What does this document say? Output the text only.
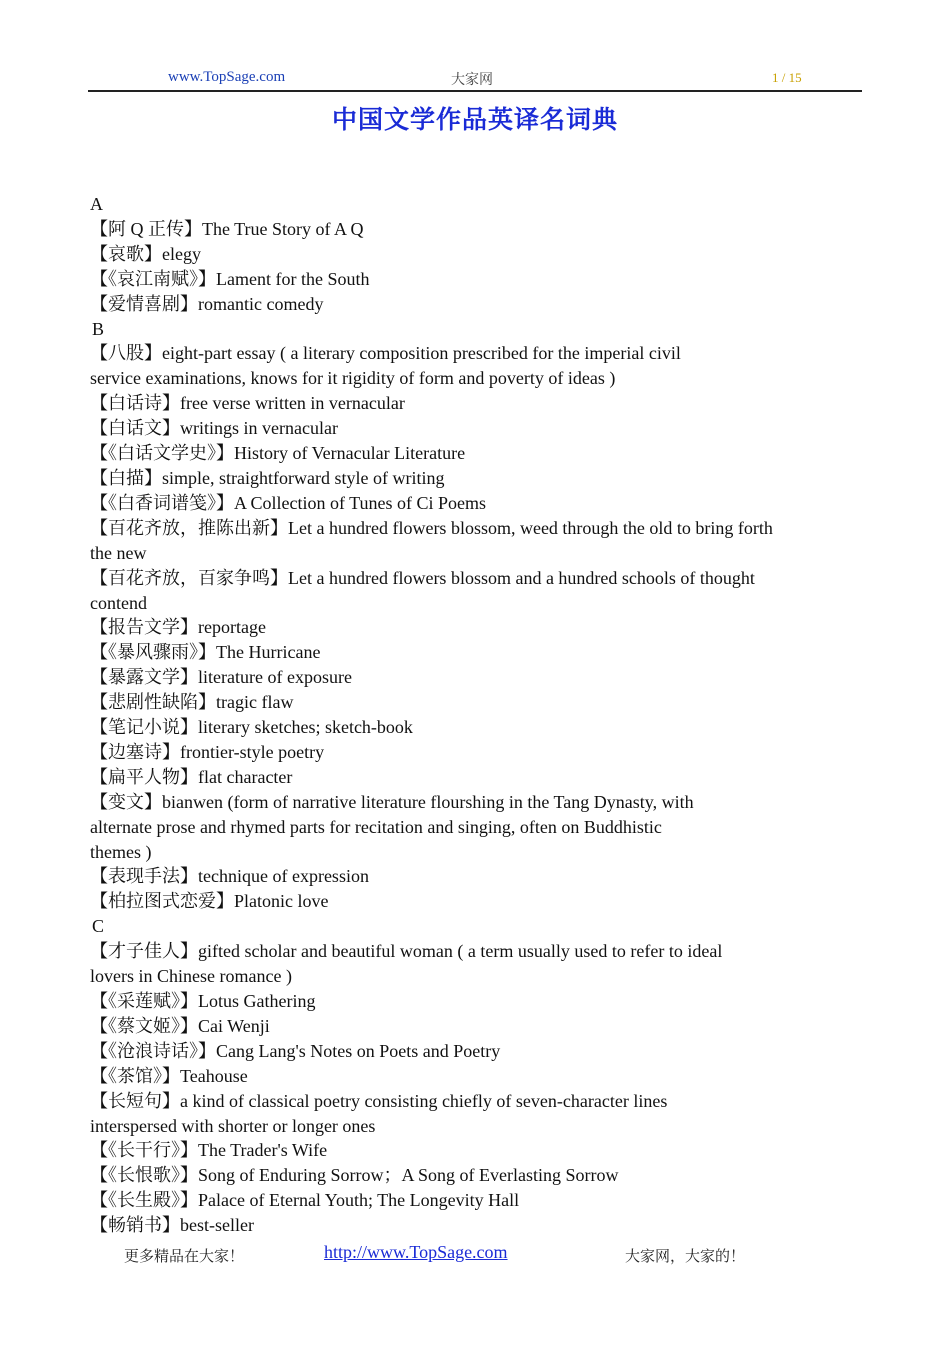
www.TopSage.com	大家网	1 / 15
中国文学作品英译名词典
A
【阿 Q 正传】The True Story of A Q
【哀歌】elegy
【《哀江南赋》】Lament for the South
【爱情喜剧】romantic comedy
B
【八股】eight-part essay ( a literary composition prescribed for the imperial civil
service examinations, knows for it rigidity of form and poverty of ideas )
【白话诗】free verse written in vernacular
【白话文】writings in vernacular
【《白话文学史》】History of Vernacular Literature
【白描】simple, straightforward style of writing
【《白香词谱笺》】A Collection of Tunes of Ci Poems
【百花齐放，推陈出新】Let a hundred flowers blossom, weed through the old to bring forth
the new
【百花齐放，百家争鸣】Let a hundred flowers blossom and a hundred schools of thought
contend
【报告文学】reportage
【《暴风骤雨》】The Hurricane
【暴露文学】literature of exposure
【悲剧性缺陷】tragic flaw
【笔记小说】literary sketches; sketch-book
【边塞诗】frontier-style poetry
【扁平人物】flat character
【变文】bianwen (form of narrative literature flourshing in the Tang Dynasty, with
alternate prose and rhymed parts for recitation and singing, often on Buddhistic
themes )
【表现手法】technique of expression
【柏拉图式恋爱】Platonic love
C
【才子佳人】gifted scholar and beautiful woman ( a term usually used to refer to ideal
lovers in Chinese romance )
【《采莲赋》】Lotus Gathering
【《蔡文姬》】Cai Wenji
【《沧浪诗话》】Cang Lang's Notes on Poets and Poetry
【《茶馆》】Teahouse
【长短句】a kind of classical poetry consisting chiefly of seven-character lines
interspersed with shorter or longer ones
【《长干行》】The Trader's Wife
【《长恨歌》】Song of Enduring Sorrow；A Song of Everlasting Sorrow
【《长生殿》】Palace of Eternal Youth; The Longevity Hall
【畅销书】best-seller
更多精品在大家！	http://www.TopSage.com	大家网，大家的！
